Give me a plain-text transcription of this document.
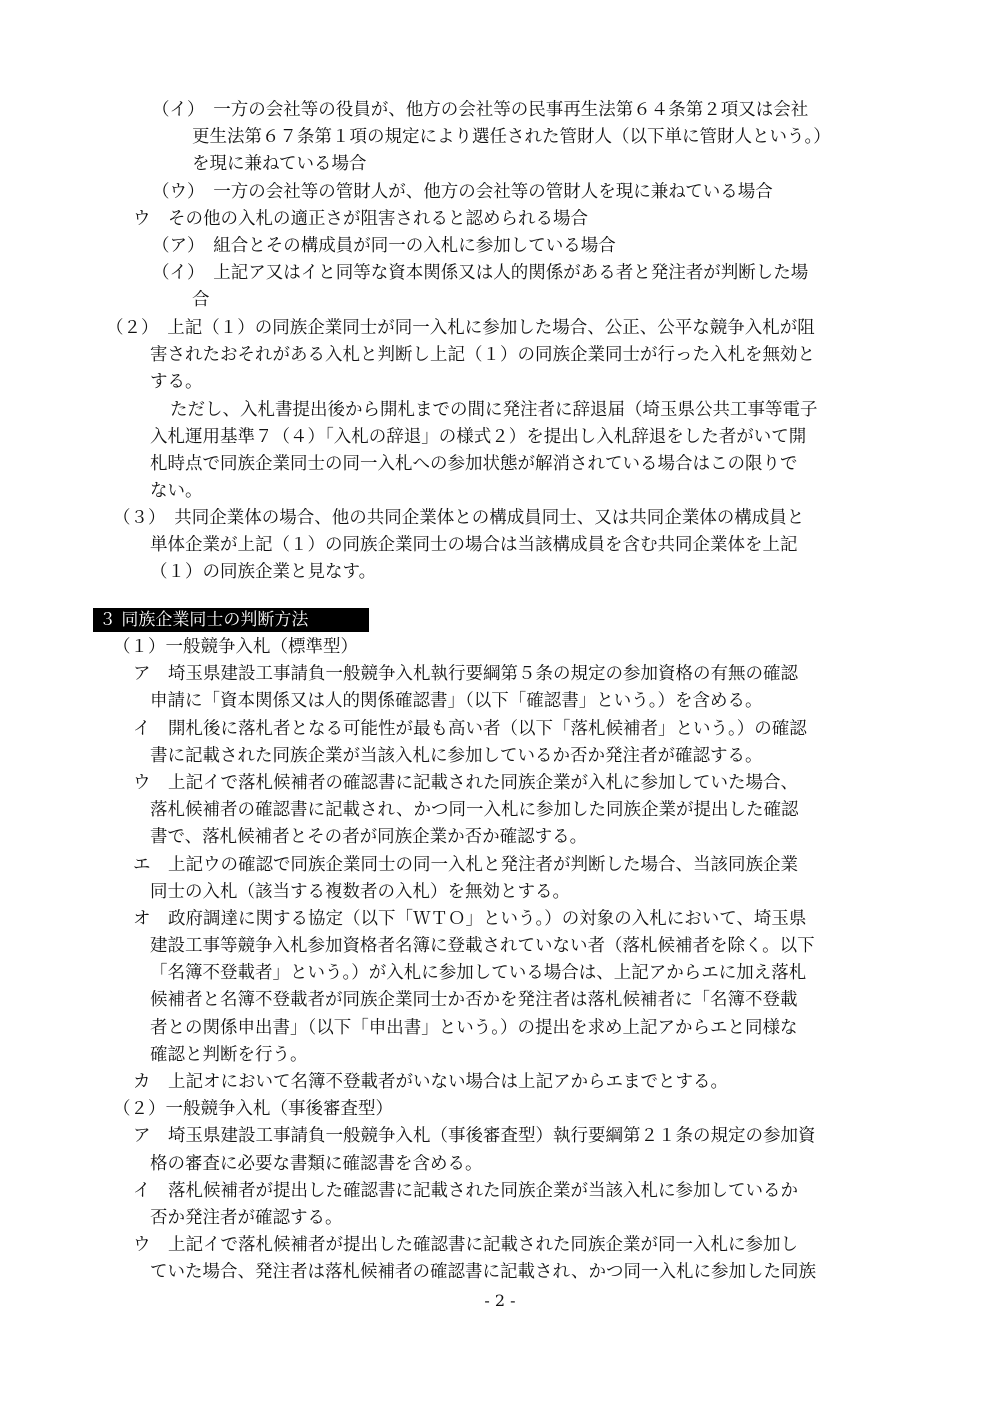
（イ）　一方の会社等の役員が、他方の会社等の民事再生法第６４条第２項又は会社
更生法第６７条第１項の規定により選任された管財人（以下単に管財人という。）
を現に兼ねている場合
（ウ）　一方の会社等の管財人が、他方の会社等の管財人を現に兼ねている場合
ウ　その他の入札の適正さが阻害されると認められる場合
（ア）　組合とその構成員が同一の入札に参加している場合
（イ）　上記ア又はイと同等な資本関係又は人的関係がある者と発注者が判断した場
合
（２）　上記（１）の同族企業同士が同一入札に参加した場合、公正、公平な競争入札が阻
害されたおそれがある入札と判断し上記（１）の同族企業同士が行った入札を無効と
する。
ただし、入札書提出後から開札までの間に発注者に辞退届（埼玉県公共工事等電子
入札運用基準７（４）「入札の辞退」の様式２）を提出し入札辞退をした者がいて開
札時点で同族企業同士の同一入札への参加状態が解消されている場合はこの限りで
ない。
（３）　共同企業体の場合、他の共同企業体との構成員同士、又は共同企業体の構成員と
単体企業が上記（１）の同族企業同士の場合は当該構成員を含む共同企業体を上記
（１）の同族企業と見なす。
３ 同族企業同士の判断方法
（１）一般競争入札（標準型）
ア　埼玉県建設工事請負一般競争入札執行要綱第５条の規定の参加資格の有無の確認
申請に「資本関係又は人的関係確認書」（以下「確認書」という。）を含める。
イ　開札後に落札者となる可能性が最も高い者（以下「落札候補者」という。）の確認
書に記載された同族企業が当該入札に参加しているか否か発注者が確認する。
ウ　上記イで落札候補者の確認書に記載された同族企業が入札に参加していた場合、
落札候補者の確認書に記載され、かつ同一入札に参加した同族企業が提出した確認
書で、落札候補者とその者が同族企業か否か確認する。
エ　上記ウの確認で同族企業同士の同一入札と発注者が判断した場合、当該同族企業
同士の入札（該当する複数者の入札）を無効とする。
オ　政府調達に関する協定（以下「ＷＴＯ」という。）の対象の入札において、埼玉県
建設工事等競争入札参加資格者名簿に登載されていない者（落札候補者を除く。以下
「名簿不登載者」という。）が入札に参加している場合は、上記アからエに加え落札
候補者と名簿不登載者が同族企業同士か否かを発注者は落札候補者に「名簿不登載
者との関係申出書」（以下「申出書」という。）の提出を求め上記アからエと同様な
確認と判断を行う。
カ　上記オにおいて名簿不登載者がいない場合は上記アからエまでとする。
（２）一般競争入札（事後審査型）
ア　埼玉県建設工事請負一般競争入札（事後審査型）執行要綱第２１条の規定の参加資
格の審査に必要な書類に確認書を含める。
イ　落札候補者が提出した確認書に記載された同族企業が当該入札に参加しているか
否か発注者が確認する。
ウ　上記イで落札候補者が提出した確認書に記載された同族企業が同一入札に参加し
ていた場合、発注者は落札候補者の確認書に記載され、かつ同一入札に参加した同族
- 2 -
